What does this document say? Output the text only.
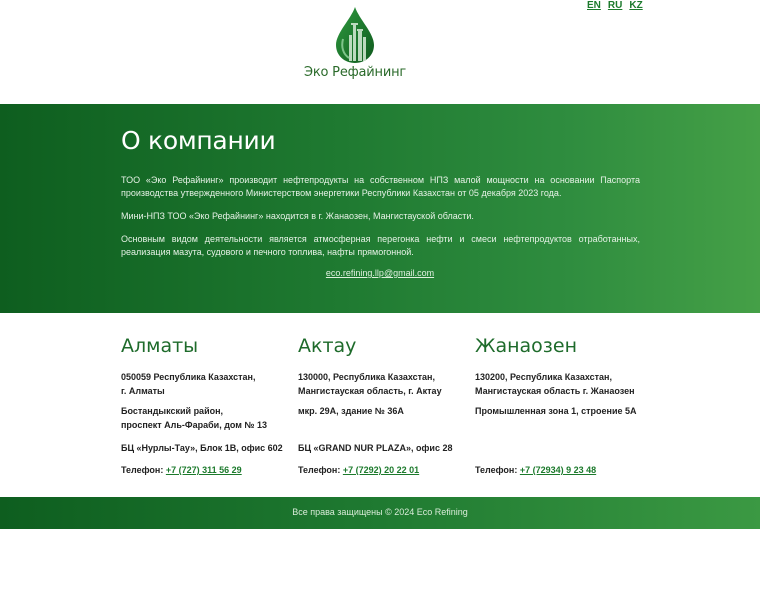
EN RU KZ
Эко Рефайнинг
О компании

ТОО «Эко Рефайнинг» производит нефтепродукты на собственном НПЗ малой мощности на основании Паспорта производства утвержденного Министерством энергетики Республики Казахстан от 05 декабря 2023 года.

Мини-НПЗ ТОО «Эко Рефайнинг» находится в г. Жанаозен, Мангистауской области.

Основным видом деятельности является атмосферная перегонка нефти и смеси нефтепродуктов отработанных, реализация мазута, судового и печного топлива, нафты прямогонной.

eco.refining.llp@gmail.com
Алматы
050059 Республика Казахстан,
г. Алматы
Бостандыкский район,
проспект Аль-Фараби, дом № 13
БЦ «Нурлы-Тау», Блок 1В, офис 602
Телефон: +7 (727) 311 56 29
Актау
130000, Республика Казахстан,
Мангистауская область, г. Актау
мкр. 29А, здание № 36А
БЦ «GRAND NUR PLAZA», офис 28
Телефон: +7 (7292) 20 22 01
Жанаозен
130200, Республика Казахстан,
Мангистауская область г. Жанаозен
Промышленная зона 1, строение 5А
Телефон: +7 (72934) 9 23 48
Все права защищены © 2024 Eco Refining
